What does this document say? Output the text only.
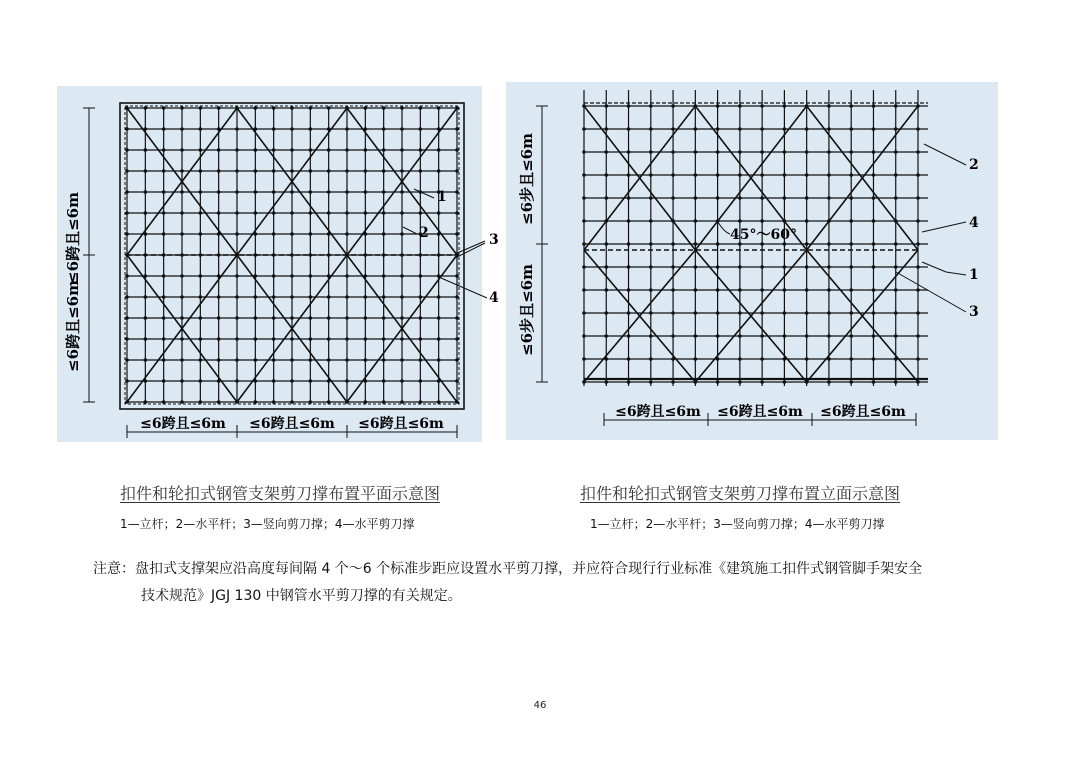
≤6跨且≤6m
≤6跨且≤6m
≤6跨且≤6m ≤6跨且≤6m ≤6跨且≤6m
1
2	3
4
≤6步且≤6m
≤6步且≤6m
≤6跨且≤6m ≤6跨且≤6m ≤6跨且≤6m
45°～60°
2
4
1
3
扣件和轮扣式钢管支架剪刀撑布置平面示意图
1—立杆；2—水平杆；3—竖向剪刀撑；4—水平剪刀撑
扣件和轮扣式钢管支架剪刀撑布置立面示意图
1—立杆；2—水平杆；3—竖向剪刀撑；4—水平剪刀撑
注意：盘扣式支撑架应沿高度每间隔 4 个～6 个标准步距应设置水平剪刀撑，并应符合现行行业标准《建筑施工扣件式钢管脚手架安全
技术规范》JGJ 130 中钢管水平剪刀撑的有关规定。
46
